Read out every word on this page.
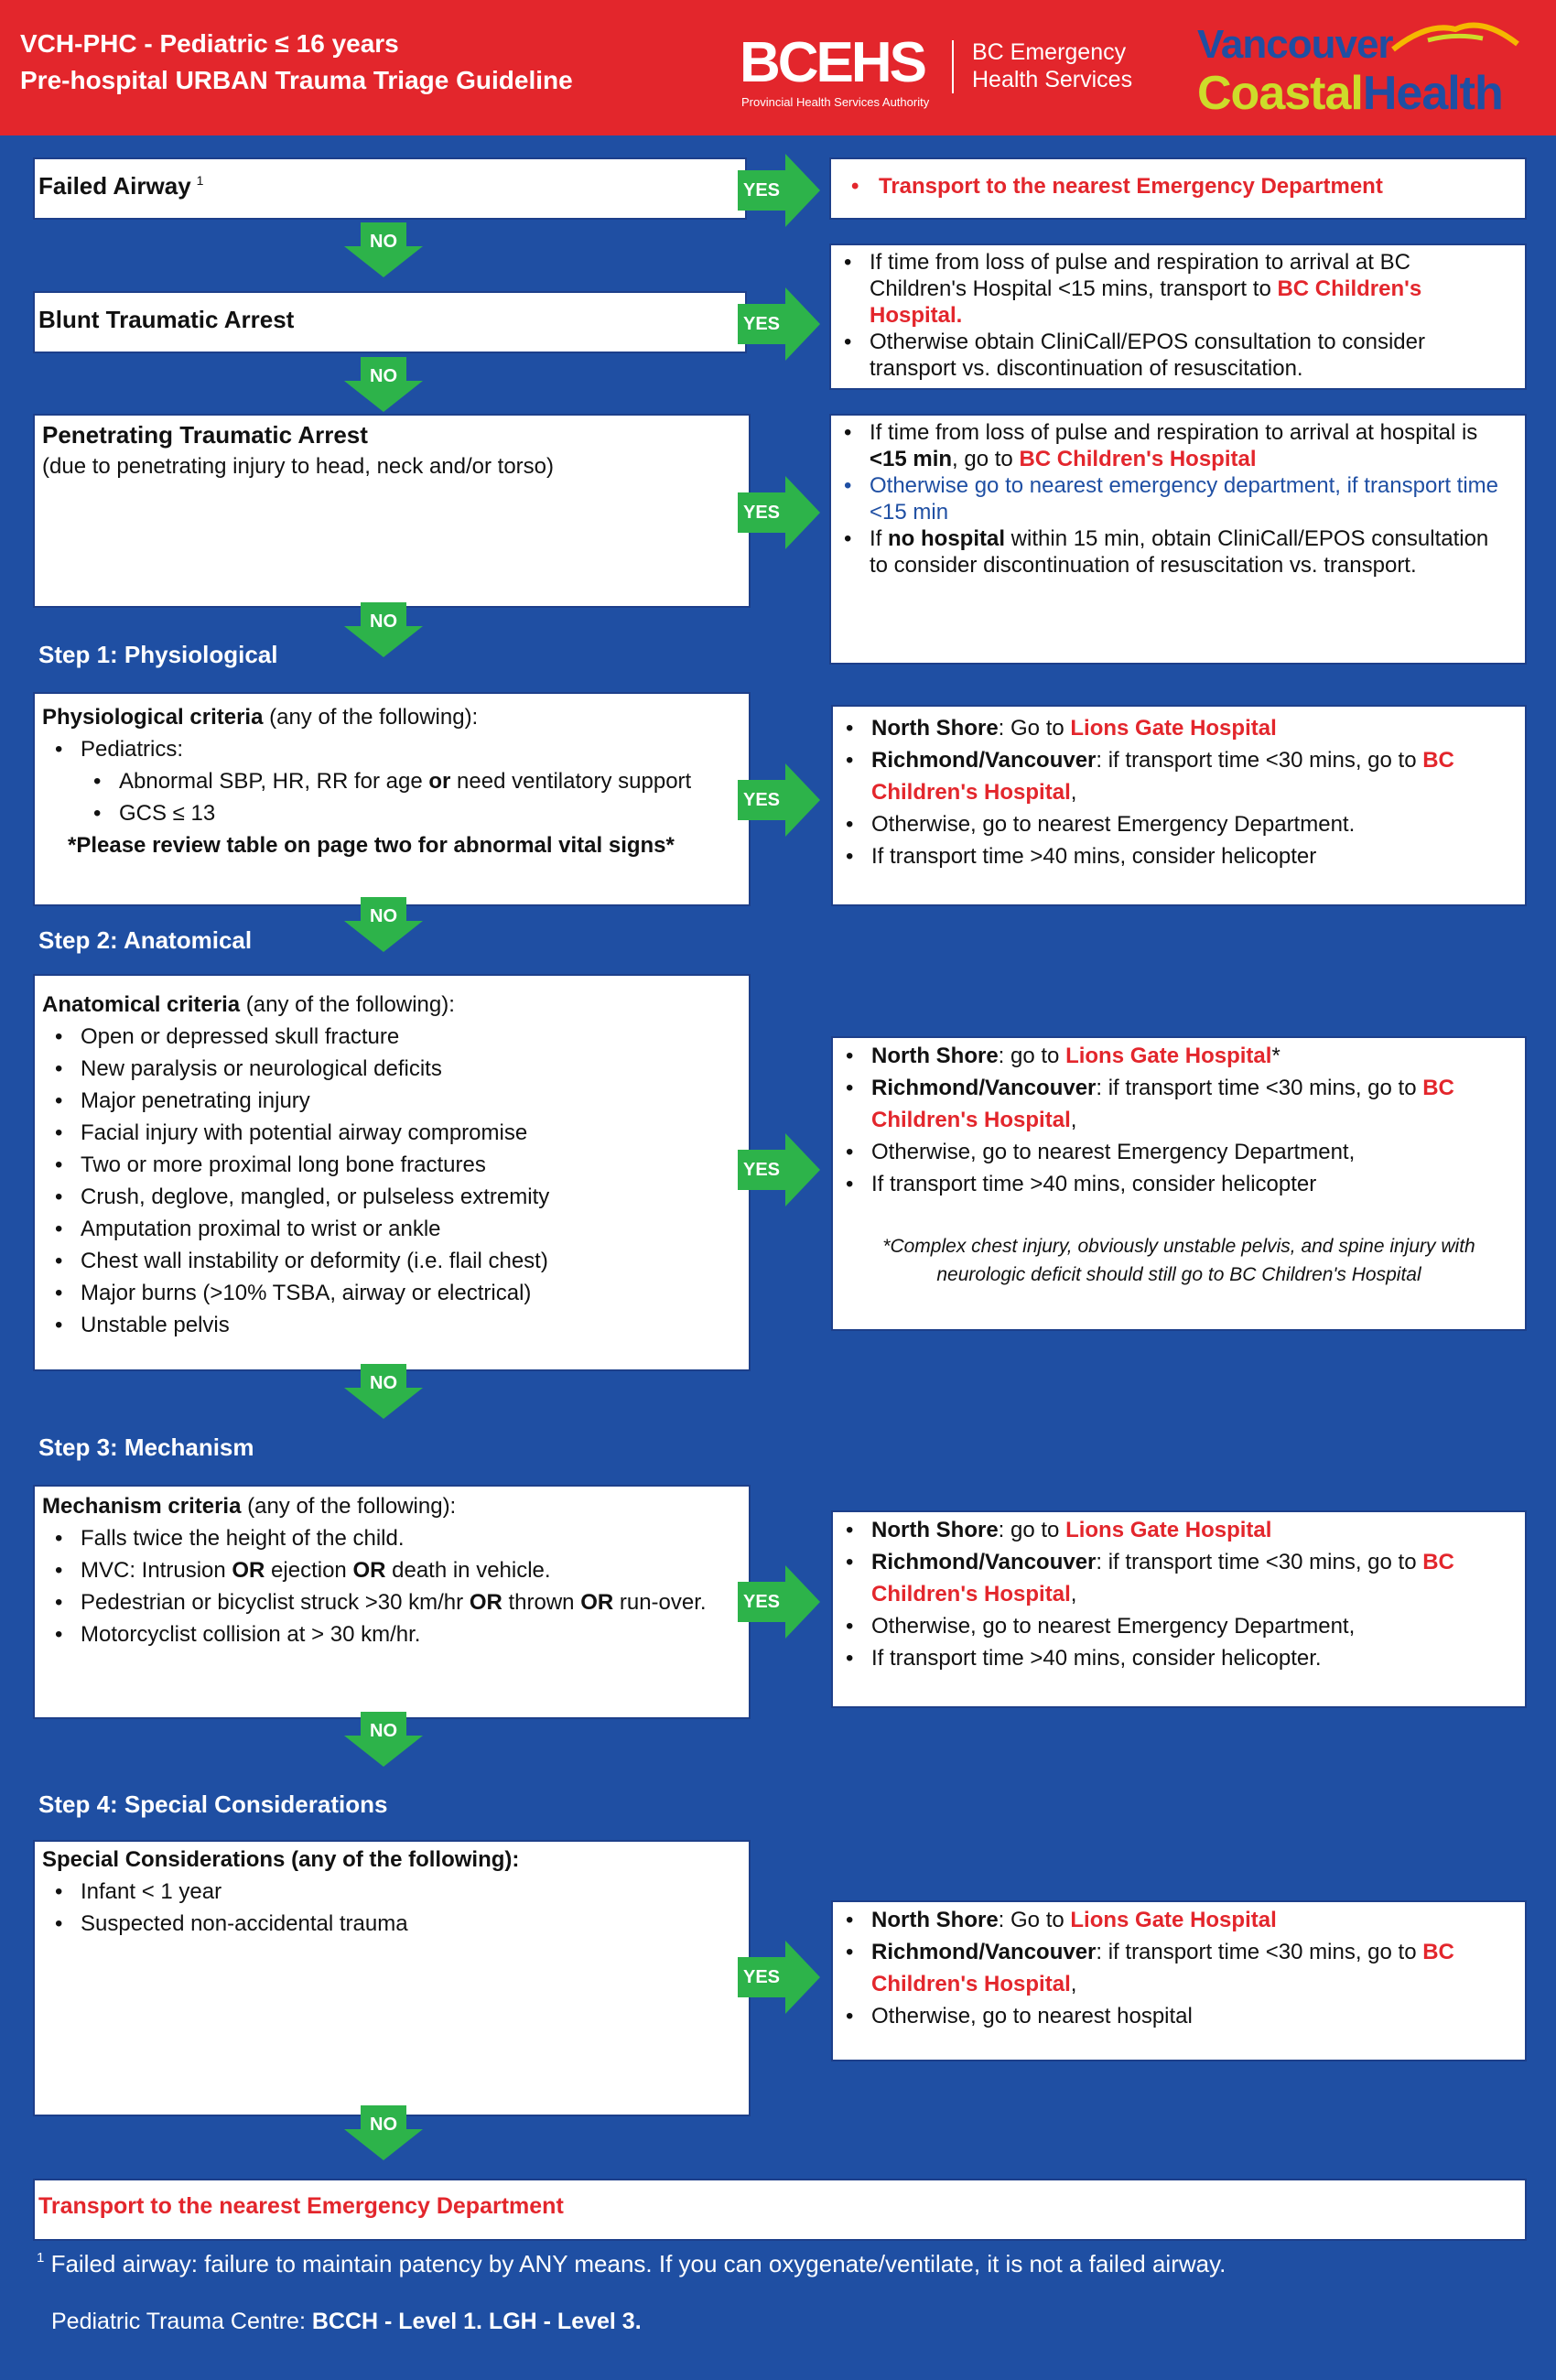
VCH-PHC - Pediatric ≤ 16 years
Pre-hospital URBAN Trauma Triage Guideline	BCEHS
Provincial Health Services Authority
BC Emergency
Health Services
Vancouver
CoastalHealth
Failed Airway $^1$	YES
•	Transport to the nearest Emergency Department
NO
Blunt Traumatic Arrest	YES
• If time from loss of pulse and respiration to arrival at BC Children's Hospital <15 mins, transport to BC Children's Hospital.
• Otherwise obtain CliniCall/EPOS consultation to consider transport vs. discontinuation of resuscitation.
NO
Penetrating Traumatic Arrest
(due to penetrating injury to head, neck and/or torso)
YES
• If time from loss of pulse and respiration to arrival at hospital is <15 min, go to BC Children's Hospital
• Otherwise go to nearest emergency department, if transport time <15 min
• If no hospital within 15 min, obtain CliniCall/EPOS consultation to consider discontinuation of resuscitation vs. transport.
NO
Step 1: Physiological
Physiological criteria (any of the following):
• Pediatrics:
• Abnormal SBP, HR, RR for age or need ventilatory support
• GCS ≤ 13
*Please review table on page two for abnormal vital signs*
YES
• North Shore: Go to Lions Gate Hospital
• Richmond/Vancouver: if transport time <30 mins, go to BC Children's Hospital,
• Otherwise, go to nearest Emergency Department.
• If transport time >40 mins, consider helicopter
NO
Step 2: Anatomical
Anatomical criteria (any of the following):
• Open or depressed skull fracture
• New paralysis or neurological deficits
• Major penetrating injury
• Facial injury with potential airway compromise
• Two or more proximal long bone fractures
• Crush, deglove, mangled, or pulseless extremity
• Amputation proximal to wrist or ankle
• Chest wall instability or deformity (i.e. flail chest)
• Major burns (>10% TSBA, airway or electrical)
• Unstable pelvis
YES
• North Shore: go to Lions Gate Hospital*
• Richmond/Vancouver: if transport time <30 mins, go to BC Children's Hospital,
• Otherwise, go to nearest Emergency Department,
• If transport time >40 mins, consider helicopter
*Complex chest injury, obviously unstable pelvis, and spine injury with neurologic deficit should still go to BC Children's Hospital
NO
Step 3: Mechanism
Mechanism criteria (any of the following):
• Falls twice the height of the child.
• MVC: Intrusion OR ejection OR death in vehicle.
• Pedestrian or bicyclist struck >30 km/hr OR thrown OR run-over.
• Motorcyclist collision at > 30 km/hr.
YES
• North Shore: go to Lions Gate Hospital
• Richmond/Vancouver: if transport time <30 mins, go to BC Children's Hospital,
• Otherwise, go to nearest Emergency Department,
• If transport time >40 mins, consider helicopter.
NO
Step 4: Special Considerations
Special Considerations (any of the following):
• Infant < 1 year
• Suspected non-accidental trauma
YES
• North Shore: Go to Lions Gate Hospital
• Richmond/Vancouver: if transport time <30 mins, go to BC Children's Hospital,
• Otherwise, go to nearest hospital
NO
Transport to the nearest Emergency Department
$^1$ Failed airway: failure to maintain patency by ANY means. If you can oxygenate/ventilate, it is not a failed airway.
Pediatric Trauma Centre: BCCH - Level 1. LGH - Level 3.
